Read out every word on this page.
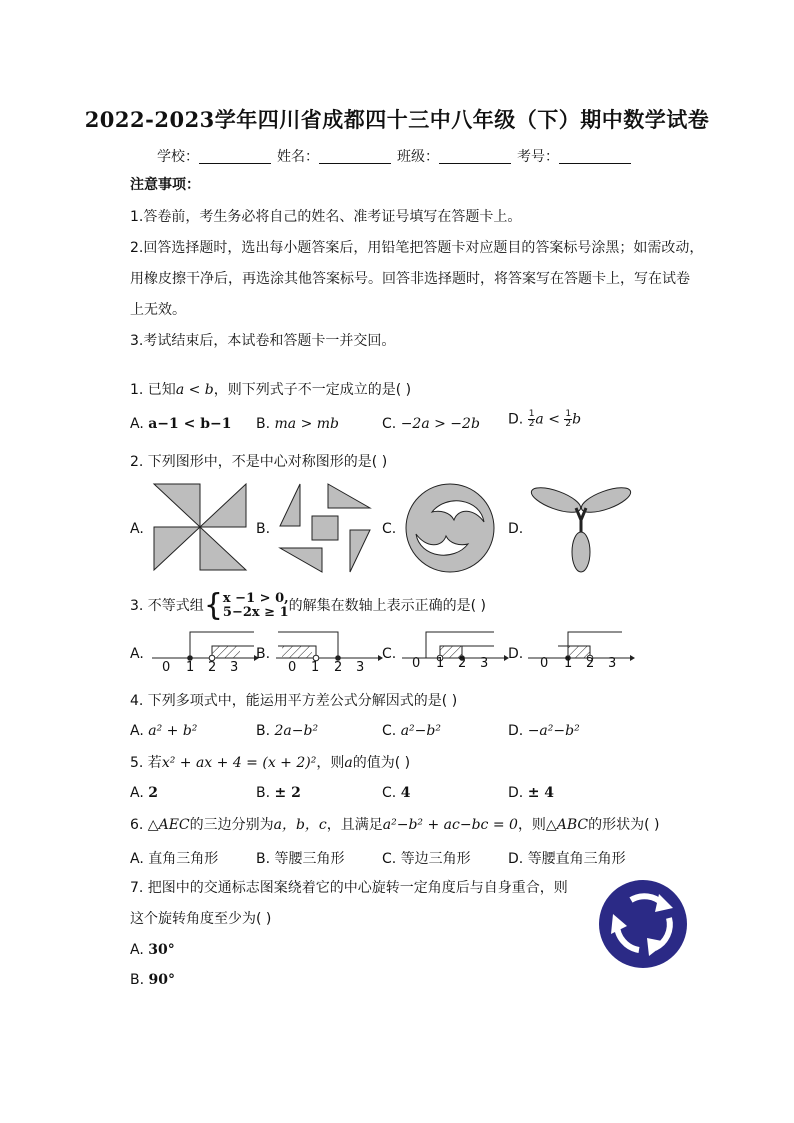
2022-2023学年四川省成都四十三中八年级（下）期中数学试卷
学校：	姓名：	班级：	考号：
注意事项：
1.答卷前，考生务必将自己的姓名、准考证号填写在答题卡上。
2.回答选择题时，选出每小题答案后，用铅笔把答题卡对应题目的答案标号涂黑；如需改动，
用橡皮擦干净后，再选涂其他答案标号。回答非选择题时，将答案写在答题卡上，写在试卷
上无效。
3.考试结束后，本试卷和答题卡一并交回。
1. 已知a < b，则下列式子不一定成立的是( )
A. a−1 < b−1 B. ma > mb	C. −2a > −2b D. $\frac{1}{2}$ $a < \frac{1}{2}$ b
2. 下列图形中，不是中心对称图形的是( )
A.	B.	C.	D.
3. 不等式组{ x −1 > 0,
5−2x ≥ 1 的解集在数轴上表示正确的是( )
A.
0 1 2 3
B.
0 1 2 3
C.
0 1 2 3
D.
0 1 2 3
4. 下列多项式中，能运用平方差公式分解因式的是( )
A. a² + b²	B. 2a−b²	C. a²−b²	D. −a²−b²
5. 若x² + ax + 4 = (x + 2)²，则a的值为( )
A. 2	B. ± 2	C. 4	D. ± 4
6. △AEC的三边分别为a，b，c，且满足a²−b² + ac−bc = 0，则△ABC的形状为( )
A. 直角三角形	B. 等腰三角形	C. 等边三角形	D. 等腰直角三角形
7. 把图中的交通标志图案绕着它的中心旋转一定角度后与自身重合，则
这个旋转角度至少为( )
A. 30°
B. 90°
